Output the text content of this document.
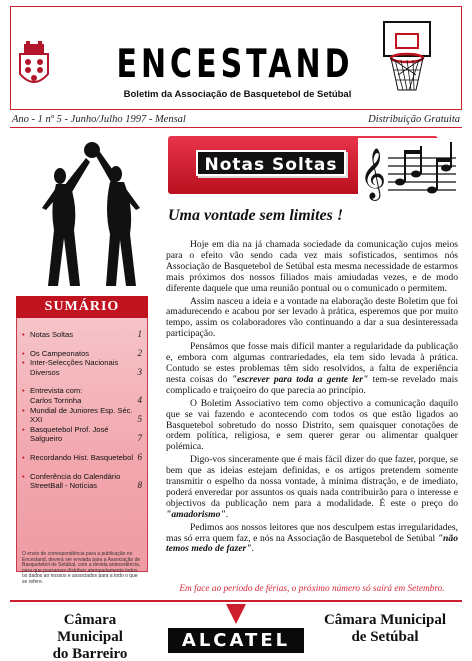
ENCESTAND
Boletim da Associação de Basquetebol de Setúbal
Ano - 1 nº 5 - Junho/Julho 1997 - Mensal	Distribuição Gratuita
Notas Soltas 𝄞
Uma vontade sem limites !
SUMÁRIO
• Notas Soltas	1
• Os Campeonatos	2
• Inter-Selecções Nacionais
Diversos	3
• Entrevista com:
Carlos Torrinha	4
• Mundial de Juniores Esp. Séc. XXI	5
• Basquetebol Prof. José Salgueiro	7
• Recordando Hist. Basquetebol 6
• Conferência do Calendário StreetBall - Notícias	8
O envio de correspondência para a publicação no Encestand, deverá ser enviada para a Associação de Basquetebol de Setúbal, com a devida antecedência, para que possamos distribuir atempadamente todos os dados ao nossos e associados para a todo o que se refere.

Hoje em dia na já chamada sociedade da comunicação cujos meios para o efeito vão sendo cada vez mais sofisticados, sentimos nós Associação de Basquetebol de Setúbal esta mesma necessidade de estarmos mais próximos dos nossos filiados mais amiudadas vezes, e de modo diferente daquele que uma reunião pontual ou o comunicado o permitem.

Assim nasceu a ideia e a vontade na elaboração deste Boletim que foi amadurecendo e acabou por ser levado à prática, esperemos que por muito tempo, assim os colaboradores vão continuando a dar a sua desinteressada participação.

Pensámos que fosse mais difícil manter a regularidade da publicação e, embora com algumas contrariedades, ela tem sido levada à prática. Contudo se estes problemas têm sido resolvidos, a falta de experiência nesta coisas do "escrever para toda a gente ler" tem-se revelado mais complicado e traiçoeiro do que parecia ao princípio.

O Boletim Associativo tem como objectivo a comunicação daquilo que se vai fazendo e acontecendo com todos os que estão ligados ao Basquetebol sobretudo do nosso Distrito, sem quaisquer conotações de ordem política, religiosa, e sem querer gerar ou alimentar qualquer polémica.

Digo-vos sinceramente que é mais fácil dizer do que fazer, porque, se bem que as ideias estejam definidas, e os artigos pretendem somente transmitir o espelho da nossa vontade, à mínima distração, e de imediato, poderá enveredar por assuntos os quais nada contribuirão para o interesse e objectivos da publicação nem para a modalidade. É este o preço do "amadorismo".

Pedimos aos nossos leitores que nos desculpem estas irregularidades, mas só erra quem faz, e nós na Associação de Basquetebol de Setúbal "não temos medo de fazer".

Em face ao período de férias, o próximo número só sairá em Setembro.
Câmara Municipal
do Barreiro
ALCATEL
Câmara Municipal
de Setúbal
